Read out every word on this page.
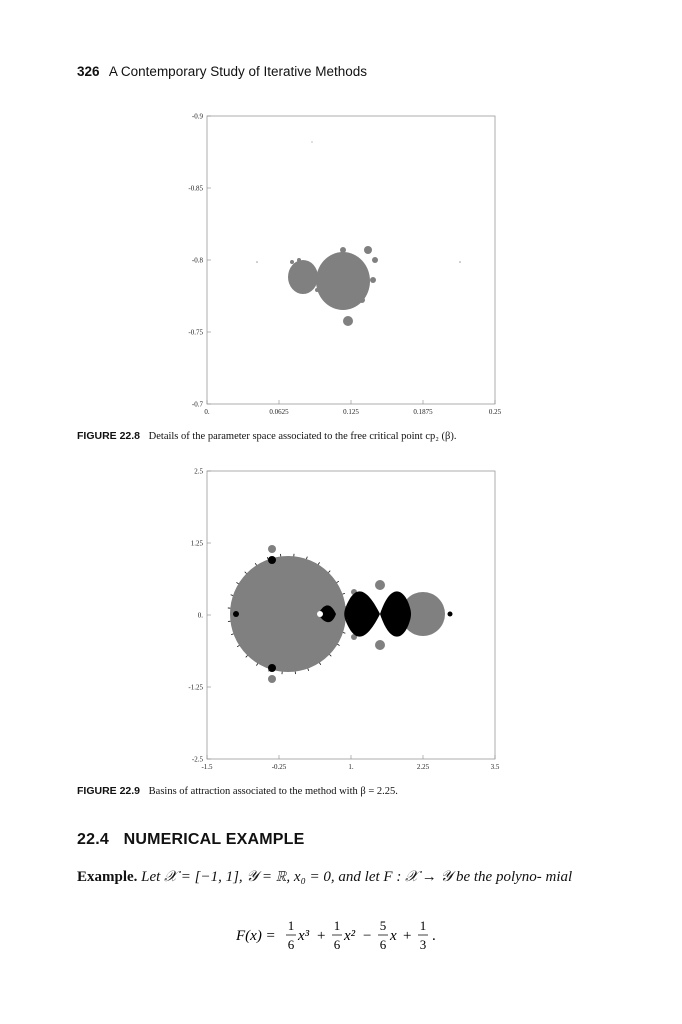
326 A Contemporary Study of Iterative Methods
-0.9
-0.85
-0.8
-0.75
-0.7
0.	0.0625	0.125	0.1875	0.25
FIGURE 22.8 Details of the parameter space associated to the free critical point cp₂ (β).
2.5
1.25
0.
-1.25
-2.5
-1.5	-0.25	1.	2.25	3.5
FIGURE 22.9 Basins of attraction associated to the method with β = 2.25.
22.4 NUMERICAL EXAMPLE
Example. Let 𝒳 = [−1, 1], 𝒴 = ℝ, x₀ = 0, and let F : 𝒳 → 𝒴 be the polyno- mial
F(x) =
1
6
x³ +
1
6
x² −
5
6
x +
1
3
.
